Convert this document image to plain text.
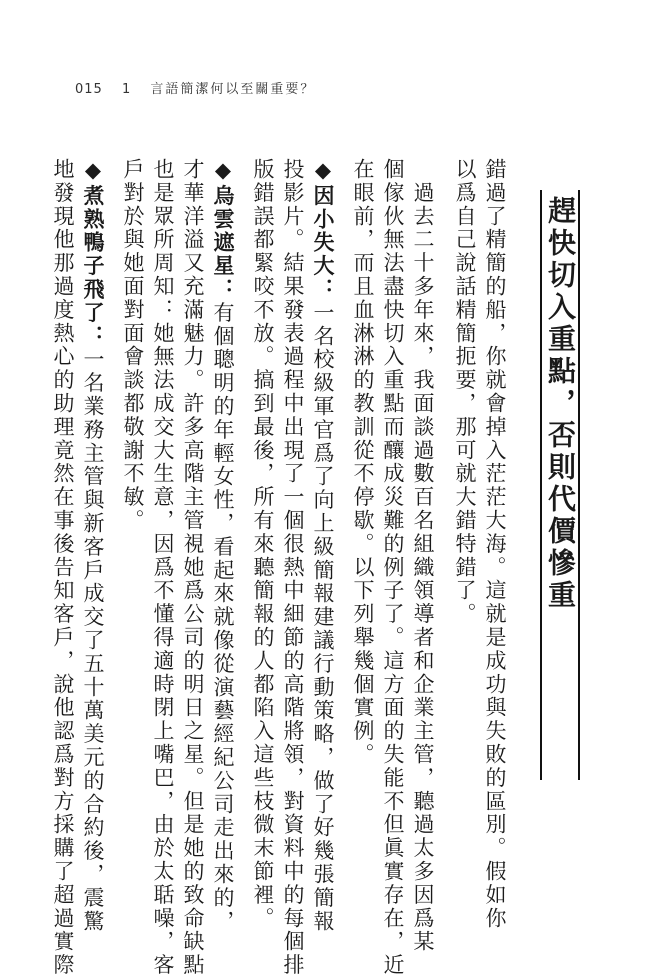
015 1 言語簡潔何以至關重要？
趕快切入重點，否則代價慘重
錯過了精簡的船，你就會掉入茫茫大海。這就是成功與失敗的區別。假如你
以爲自己說話精簡扼要，那可就大錯特錯了。
　過去二十多年來，我面談過數百名組織領導者和企業主管，聽過太多因爲某
個傢伙無法盡快切入重點而釀成災難的例子了。這方面的失能不但眞實存在，近
在眼前，而且血淋淋的教訓從不停歇。以下列舉幾個實例。
◆因小失大：一名校級軍官爲了向上級簡報建議行動策略，做了好幾張簡報
投影片。結果發表過程中出現了一個很熱中細節的高階將領，對資料中的每個排
版錯誤都緊咬不放。搞到最後，所有來聽簡報的人都陷入這些枝微末節裡。
◆烏雲遮星：有個聰明的年輕女性，看起來就像從演藝經紀公司走出來的，
才華洋溢又充滿魅力。許多高階主管視她爲公司的明日之星。但是她的致命缺點
也是眾所周知：她無法成交大生意，因爲不懂得適時閉上嘴巴，由於太聒噪，客
戶對於與她面對面會談都敬謝不敏。
◆煮熟鴨子飛了：一名業務主管與新客戶成交了五十萬美元的合約後，震驚
地發現他那過度熱心的助理竟然在事後告知客戶，說他認爲對方採購了超過實際
